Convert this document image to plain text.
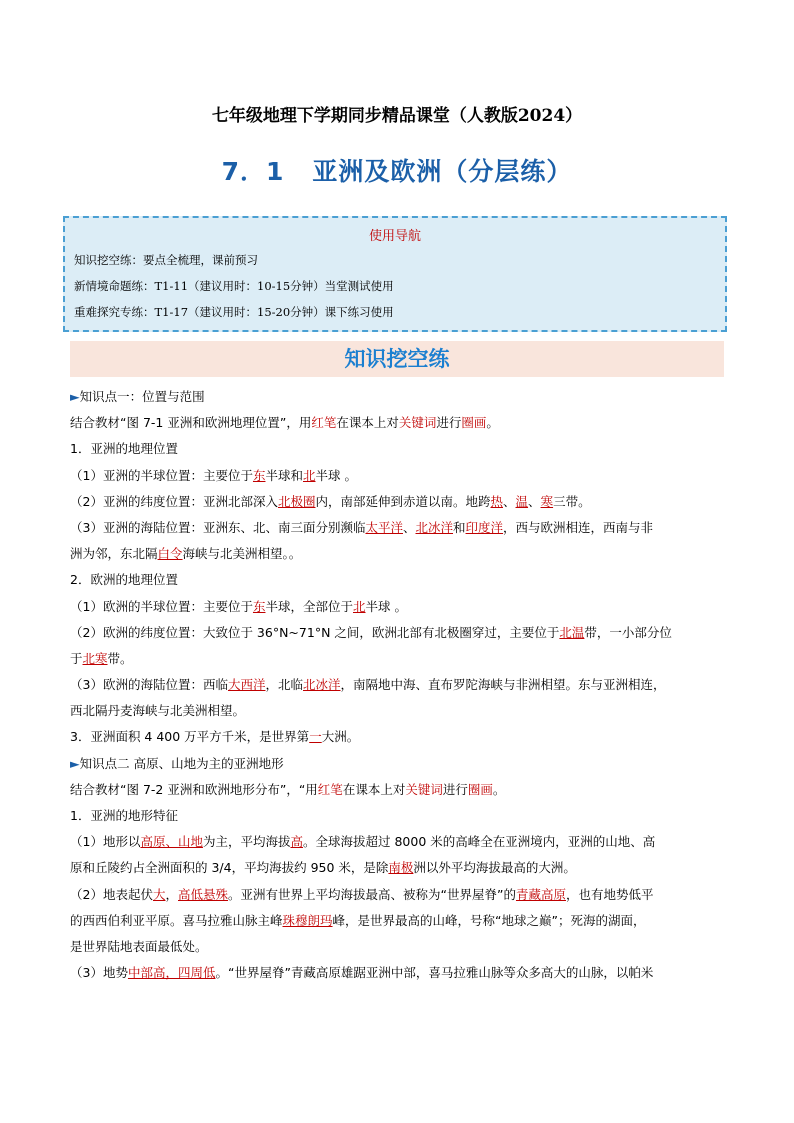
七年级地理下学期同步精品课堂（人教版2024）
7．1 亚洲及欧洲（分层练）
使用导航
知识挖空练：要点全梳理，课前预习
新情境命题练：T1-11（建议用时：10-15分钟）当堂测试使用
重难探究专练：T1-17（建议用时：15-20分钟）课下练习使用
知识挖空练
►知识点一：位置与范围
结合教材“图 7-1 亚洲和欧洲地理位置”，用红笔在课本上对关键词进行圈画。
1．亚洲的地理位置
（1）亚洲的半球位置：主要位于东半球和北半球 。
（2）亚洲的纬度位置：亚洲北部深入北极圈内，南部延伸到赤道以南。地跨热、温、寒三带。
（3）亚洲的海陆位置：亚洲东、北、南三面分别濒临太平洋、北冰洋和印度洋，西与欧洲相连，西南与非
洲为邻，东北隔白令海峡与北美洲相望。。
2．欧洲的地理位置
（1）欧洲的半球位置：主要位于东半球，全部位于北半球 。
（2）欧洲的纬度位置：大致位于 36°N~71°N 之间，欧洲北部有北极圈穿过，主要位于北温带，一小部分位
于北寒带。
（3）欧洲的海陆位置：西临大西洋，北临北冰洋，南隔地中海、直布罗陀海峡与非洲相望。东与亚洲相连，
西北隔丹麦海峡与北美洲相望。
3．亚洲面积 4 400 万平方千米，是世界第一大洲。
►知识点二 高原、山地为主的亚洲地形
结合教材“图 7-2 亚洲和欧洲地形分布”，“用红笔在课本上对关键词进行圈画。
1．亚洲的地形特征
（1）地形以高原、山地为主，平均海拔高。全球海拔超过 8000 米的高峰全在亚洲境内，亚洲的山地、高
原和丘陵约占全洲面积的 3/4，平均海拔约 950 米，是除南极洲以外平均海拔最高的大洲。
（2）地表起伏大，高低悬殊。亚洲有世界上平均海拔最高、被称为“世界屋脊”的青藏高原，也有地势低平
的西西伯利亚平原。喜马拉雅山脉主峰珠穆朗玛峰，是世界最高的山峰，号称“地球之巅”；死海的湖面，
是世界陆地表面最低处。
（3）地势中部高，四周低。“世界屋脊”青藏高原雄踞亚洲中部，喜马拉雅山脉等众多高大的山脉，以帕米
